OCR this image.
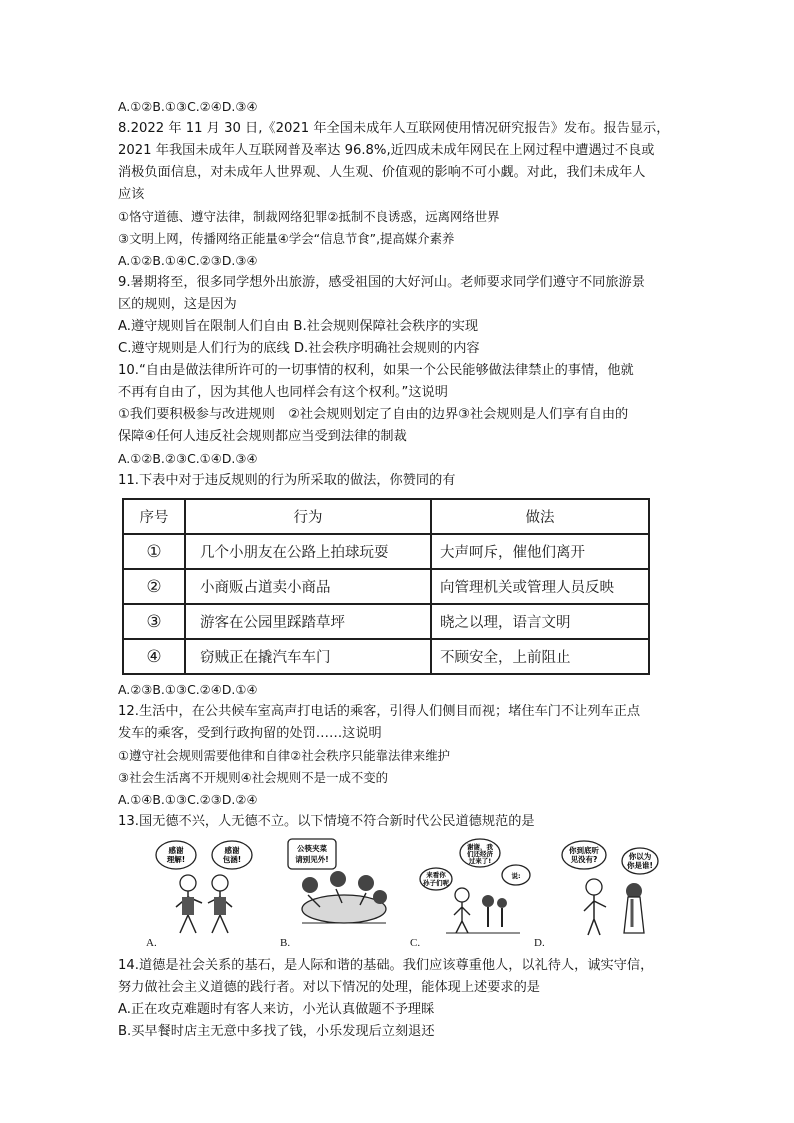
A.①②B.①③C.②④D.③④
8.2022 年 11 月 30 日,《2021 年全国未成年人互联网使用情况研究报告》发布。报告显示，
2021 年我国未成年人互联网普及率达 96.8%,近四成未成年网民在上网过程中遭遇过不良或
消极负面信息，对未成年人世界观、人生观、价值观的影响不可小觑。对此，我们未成年人
应该
①恪守道德、遵守法律，制裁网络犯罪②抵制不良诱惑，远离网络世界
③文明上网，传播网络正能量④学会“信息节食”,提高媒介素养
A.①②B.①④C.②③D.③④
9.暑期将至，很多同学想外出旅游，感受祖国的大好河山。老师要求同学们遵守不同旅游景
区的规则，这是因为
A.遵守规则旨在限制人们自由 B.社会规则保障社会秩序的实现
C.遵守规则是人们行为的底线 D.社会秩序明确社会规则的内容
10.“自由是做法律所许可的一切事情的权利，如果一个公民能够做法律禁止的事情，他就
不再有自由了，因为其他人也同样会有这个权利。”这说明
①我们要积极参与改进规则　②社会规则划定了自由的边界③社会规则是人们享有自由的
保障④任何人违反社会规则都应当受到法律的制裁
A.①②B.②③C.①④D.③④
11.下表中对于违反规则的行为所采取的做法，你赞同的有
序号	行为	做法
①	几个小朋友在公路上拍球玩耍	大声呵斥，催他们离开
②	小商贩占道卖小商品	向管理机关或管理人员反映
③	游客在公园里踩踏草坪	晓之以理，语言文明
④	窃贼正在撬汽车车门	不顾安全，上前阻止
A.②③B.①③C.②④D.①④
12.生活中，在公共候车室高声打电话的乘客，引得人们侧目而视；堵住车门不让列车正点
发车的乘客，受到行政拘留的处罚……这说明
①遵守社会规则需要他律和自律②社会秩序只能靠法律来维护
③社会生活离不开规则④社会规则不是一成不变的
A.①④B.①③C.②③D.②④
13.国无德不兴，人无德不立。以下情境不符合新时代公民道德规范的是
感谢
理解!
感谢
包涵!
A.
公筷夹菜
请别见外!
B.
谢谢，我
们还经济
过来了!
来看你
孙子们呢
说:
C.
你到底听
见没有?	你以为
你是谁!
D.
14.道德是社会关系的基石，是人际和谐的基础。我们应该尊重他人，以礼待人，诚实守信，
努力做社会主义道德的践行者。对以下情况的处理，能体现上述要求的是
A.正在攻克难题时有客人来访，小光认真做题不予理睬
B.买早餐时店主无意中多找了钱，小乐发现后立刻退还
